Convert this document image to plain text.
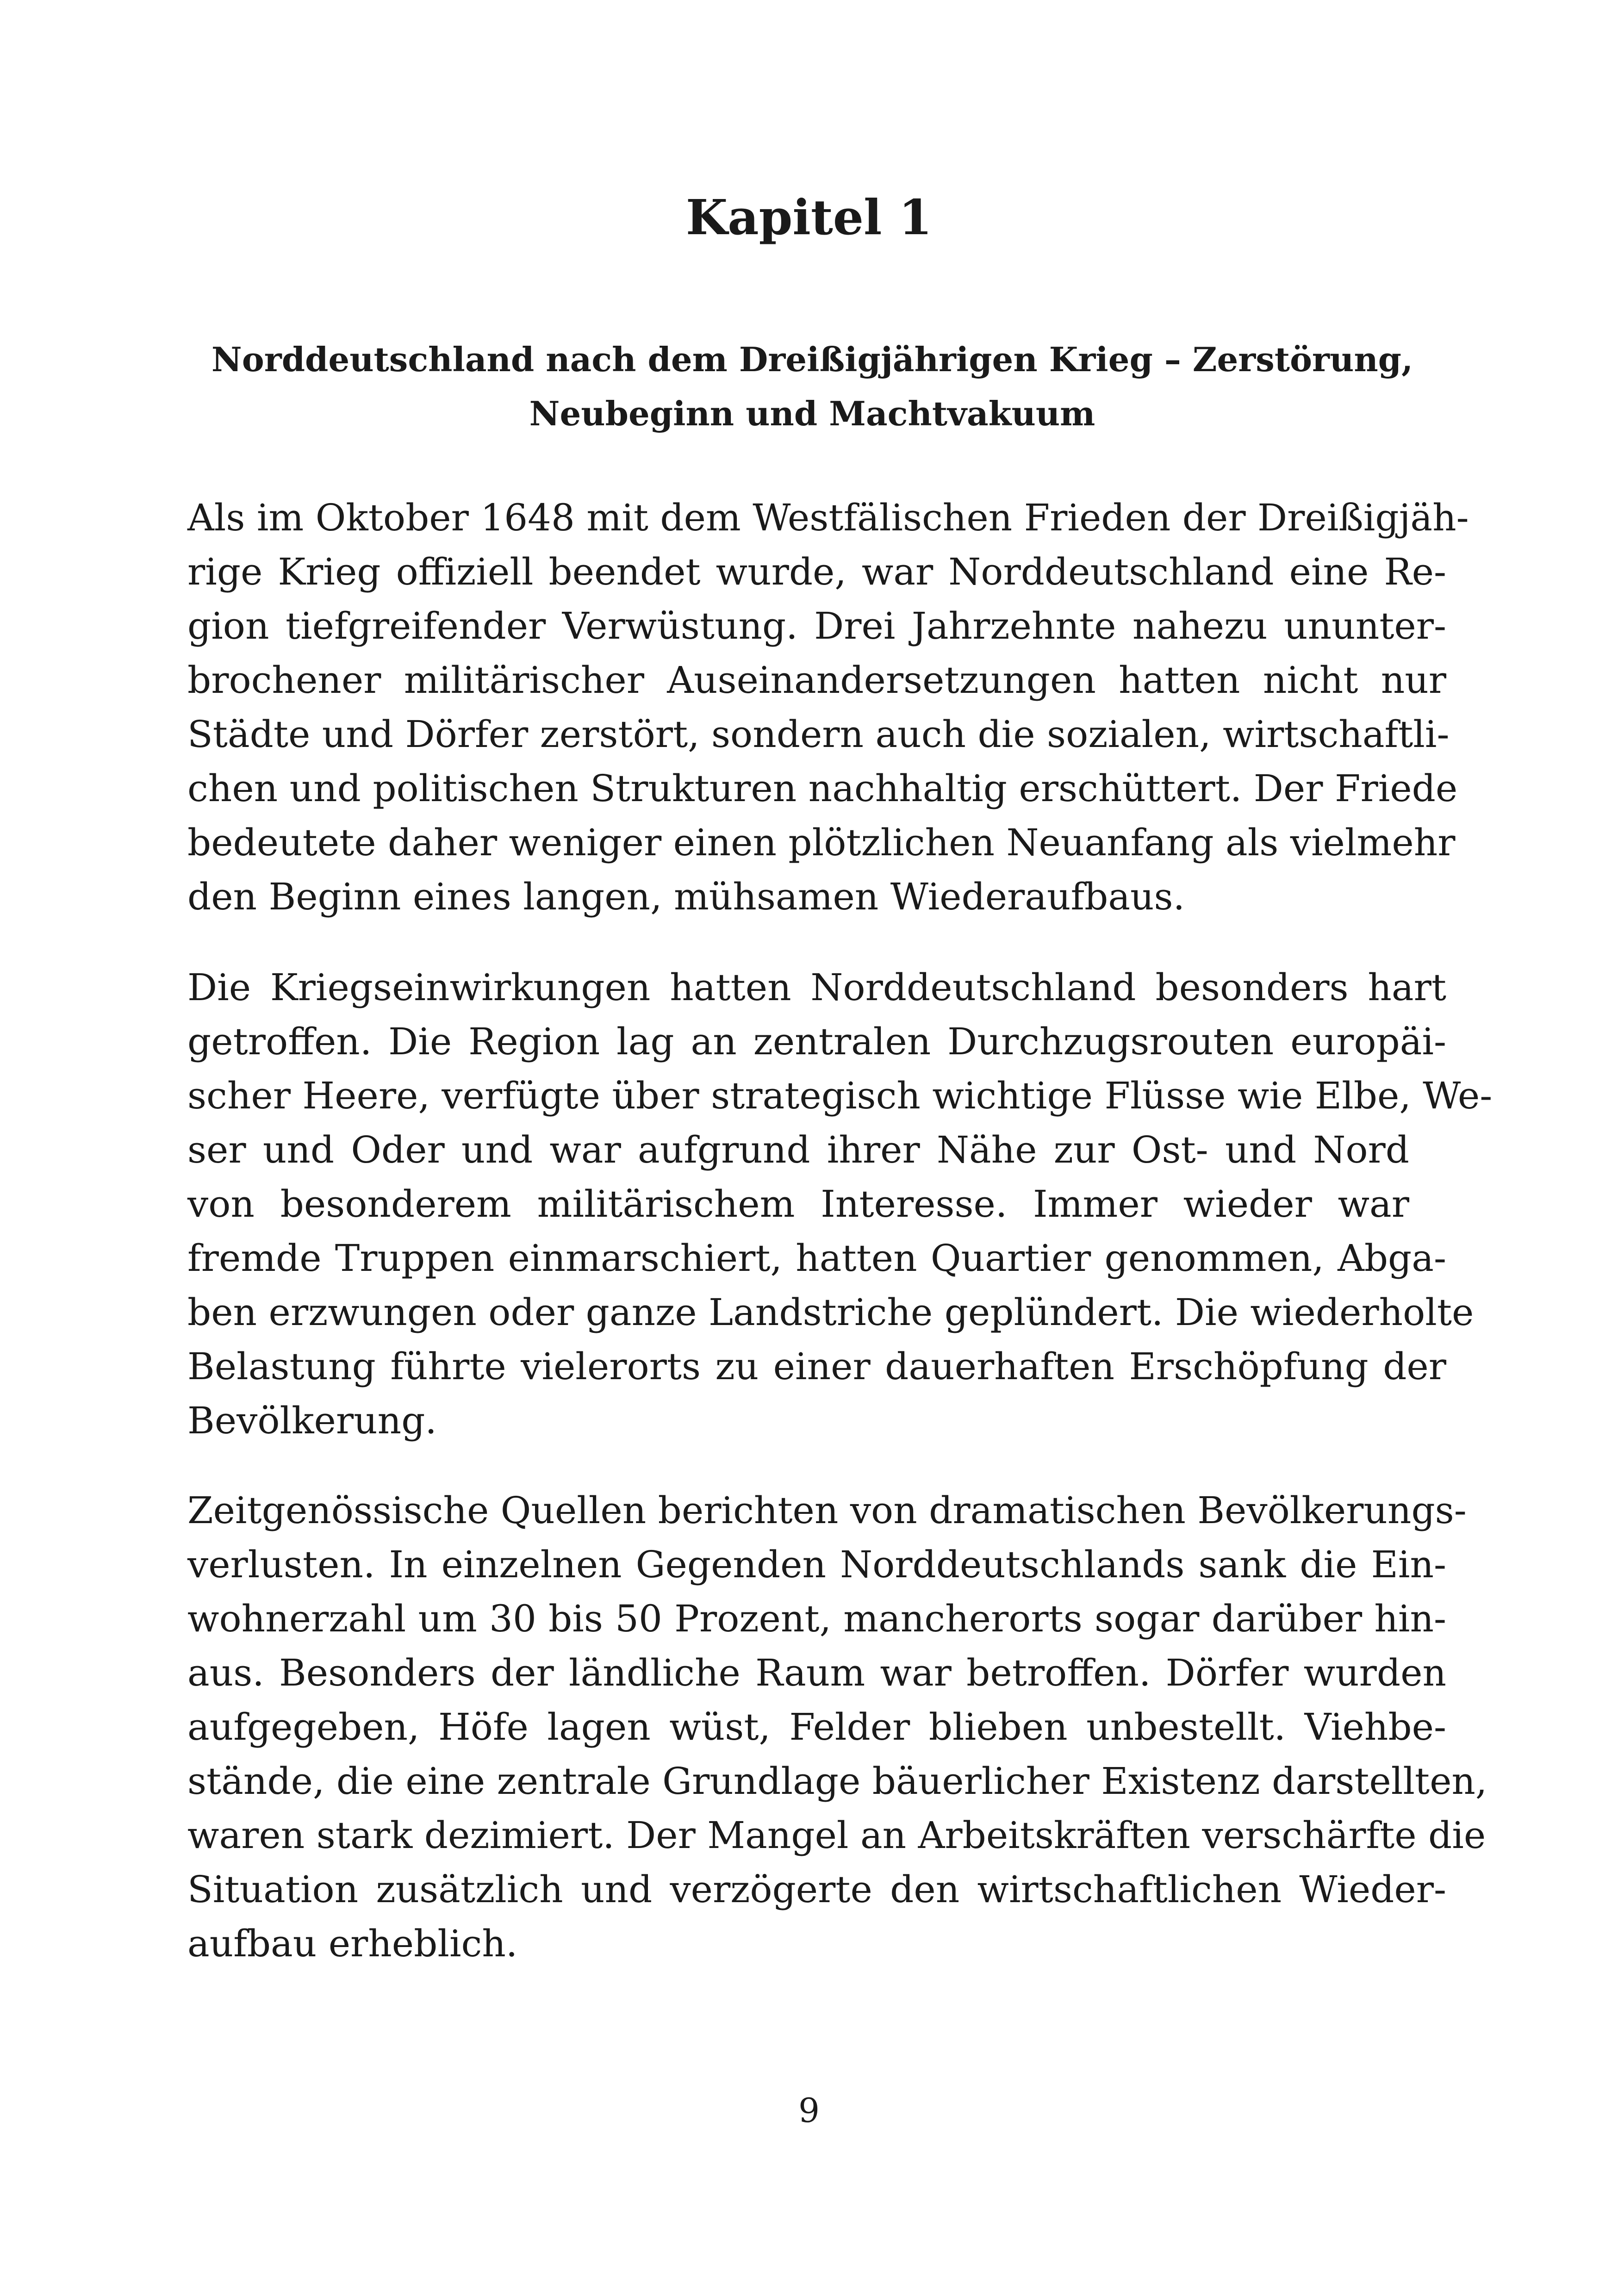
Kapitel 1
Norddeutschland nach dem Dreißigjährigen Krieg – Zerstörung,
Neubeginn und Machtvakuum

Als im Oktober 1648 mit dem Westfälischen Frieden der Dreißigjäh-
rige Krieg offiziell beendet wurde, war Norddeutschland eine Re-
gion tiefgreifender Verwüstung. Drei Jahrzehnte nahezu ununter-
brochener militärischer Auseinandersetzungen hatten nicht nur
Städte und Dörfer zerstört, sondern auch die sozialen, wirtschaftli-
chen und politischen Strukturen nachhaltig erschüttert. Der Friede
bedeutete daher weniger einen plötzlichen Neuanfang als vielmehr
den Beginn eines langen, mühsamen Wiederaufbaus.

Die Kriegseinwirkungen hatten Norddeutschland besonders hart
getroffen. Die Region lag an zentralen Durchzugsrouten europäi-
scher Heere, verfügte über strategisch wichtige Flüsse wie Elbe, We-
ser und Oder und war aufgrund ihrer Nähe zur Ost- und Nord
von besonderem militärischem Interesse. Immer wieder war
fremde Truppen einmarschiert, hatten Quartier genommen, Abga-
ben erzwungen oder ganze Landstriche geplündert. Die wiederholte
Belastung führte vielerorts zu einer dauerhaften Erschöpfung der
Bevölkerung.

Zeitgenössische Quellen berichten von dramatischen Bevölkerungs-
verlusten. In einzelnen Gegenden Norddeutschlands sank die Ein-
wohnerzahl um 30 bis 50 Prozent, mancherorts sogar darüber hin-
aus. Besonders der ländliche Raum war betroffen. Dörfer wurden
aufgegeben, Höfe lagen wüst, Felder blieben unbestellt. Viehbe-
stände, die eine zentrale Grundlage bäuerlicher Existenz darstellten,
waren stark dezimiert. Der Mangel an Arbeitskräften verschärfte die
Situation zusätzlich und verzögerte den wirtschaftlichen Wieder-
aufbau erheblich.

9
